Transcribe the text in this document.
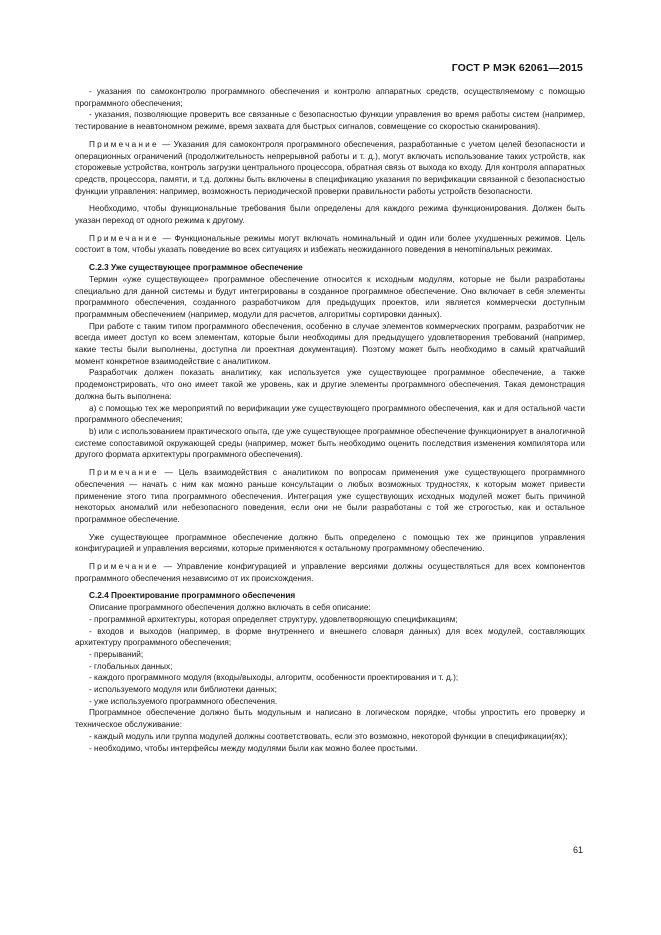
ГОСТ Р МЭК 62061—2015

- указания по самоконтролю программного обеспечения и контролю аппаратных средств, осуществляемому с помощью программного обеспечения;

- указания, позволяющие проверить все связанные с безопасностью функции управления во время работы систем (например, тестирование в неавтономном режиме, время захвата для быстрых сигналов, совмещение со скоростью сканирования).

Примечание — Указания для самоконтроля программного обеспечения, разработанные с учетом целей безопасности и операционных ограничений (продолжительность непрерывной работы и т. д.), могут включать использование таких устройств, как сторожевые устройства, контроль загрузки центрального процессора, обратная связь от выхода ко входу. Для контроля аппаратных средств, процессора, памяти, и т.д. должны быть включены в спецификацию указания по верификации связанной с безопасностью функции управления: например, возможность периодической проверки правильности работы устройств безопасности.

Необходимо, чтобы функциональные требования были определены для каждого режима функционирования. Должен быть указан переход от одного режима к другому.

Примечание — Функциональные режимы могут включать номинальный и один или более ухудшенных режимов. Цель состоит в том, чтобы указать поведение во всех ситуациях и избежать неожиданного поведения в ненominальных режимах.

С.2.3 Уже существующее программное обеспечение

Термин «уже существующее» программное обеспечение относится к исходным модулям, которые не были разработаны специально для данной системы и будут интегрированы в созданное программное обеспечение. Оно включает в себя элементы программного обеспечения, созданного разработчиком для предыдущих проектов, или является коммерчески доступным программным обеспечением (например, модули для расчетов, алгоритмы сортировки данных).

При работе с таким типом программного обеспечения, особенно в случае элементов коммерческих программ, разработчик не всегда имеет доступ ко всем элементам, которые были необходимы для предыдущего удовлетворения требований (например, какие тесты были выполнены, доступна ли проектная документация). Поэтому может быть необходимо в самый кратчайший момент конкретное взаимодействие с аналитиком.

Разработчик должен показать аналитику, как используется уже существующее программное обеспечение, а также продемонстрировать, что оно имеет такой же уровень, как и другие элементы программного обеспечения. Такая демонстрация должна быть выполнена:

а) с помощью тех же мероприятий по верификации уже существующего программного обеспечения, как и для остальной части программного обеспечения;

b) или с использованием практического опыта, где уже существующее программное обеспечение функционирует в аналогичной системе сопоставимой окружающей среды (например, может быть необходимо оценить последствия изменения компилятора или другого формата архитектуры программного обеспечения).

Примечание — Цель взаимодействия с аналитиком по вопросам применения уже существующего программного обеспечения — начать с ним как можно раньше консультации о любых возможных трудностях, к которым может привести применение этого типа программного обеспечения. Интеграция уже существующих исходных модулей может быть причиной некоторых аномалий или небезопасного поведения, если они не были разработаны с той же строгостью, как и остальное программное обеспечение.

Уже существующее программное обеспечение должно быть определено с помощью тех же принципов управления конфигурацией и управления версиями, которые применяются к остальному программному обеспечению.

Примечание — Управление конфигурацией и управление версиями должны осуществляться для всех компонентов программного обеспечения независимо от их происхождения.

С.2.4 Проектирование программного обеспечения

Описание программного обеспечения должно включать в себя описание:

- программной архитектуры, которая определяет структуру, удовлетворяющую спецификациям;

- входов и выходов (например, в форме внутреннего и внешнего словаря данных) для всех модулей, составляющих архитектуру программного обеспечения;

- прерываний;

- глобальных данных;

- каждого программного модуля (входы/выходы, алгоритм, особенности проектирования и т. д.);

- используемого модуля или библиотеки данных;

- уже используемого программного обеспечения.

Программное обеспечение должно быть модульным и написано в логическом порядке, чтобы упростить его проверку и техническое обслуживание:

- каждый модуль или группа модулей должны соответствовать, если это возможно, некоторой функции в спецификации(ях);

- необходимо, чтобы интерфейсы между модулями были как можно более простыми.

61
